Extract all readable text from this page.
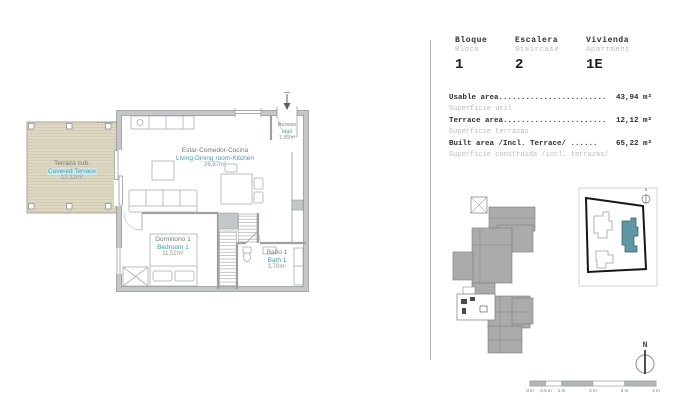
Terraza cub.
Covered Terrace
12,12m²
Estar-Comedor-Cocina
Living-Dining room-Kitchen
26,87m²
Acceso
Hall
1,95m²
Dormitorio 1
Bedroom 1
11,52m²	Baño 1
Bath 1
3,70m²
Bloque
Block
1
Escalera
Staircase
2
Vivienda
Apartment
1E
Usable area........................	43,94 m²
Superficie útil
Terrace area.......................	12,12 m²
Superficie terrazas
Built area /Incl. Terrace/ ......	65,22 m²
Superficie construida /incl. terrazas/
N
N
0 m 0,5 m 1 m	2 m	3 m	4 m
